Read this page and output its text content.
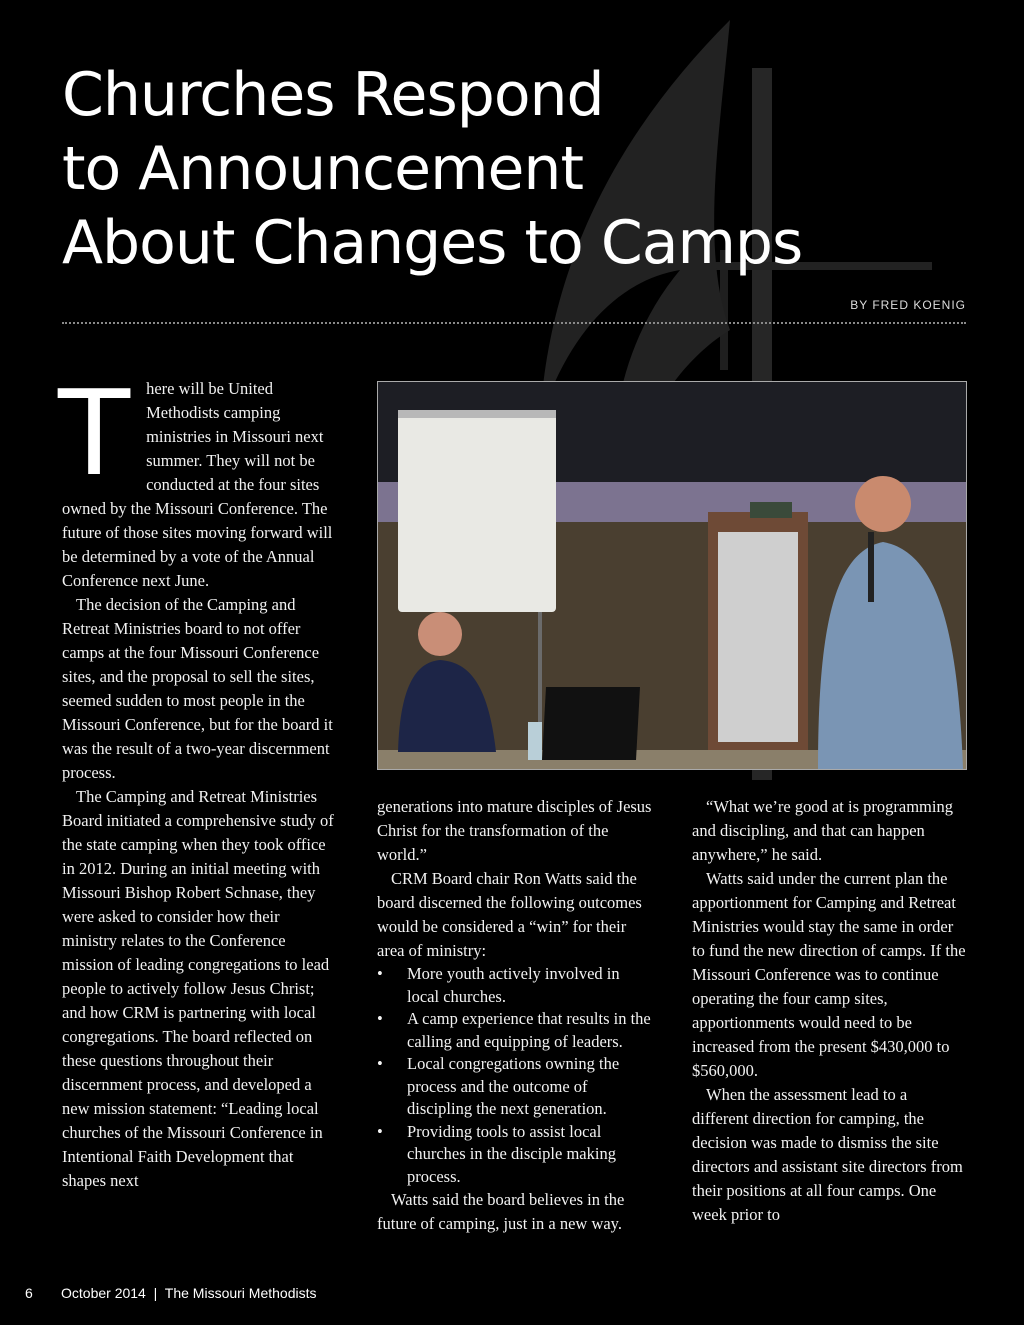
Churches Respond
to Announcement
About Changes to Camps
BY FRED KOENIG
T here will be United Methodists camping ministries in Missouri next summer. They will not be conducted at the four sites owned by the Missouri Conference. The future of those sites moving forward will be determined by a vote of the Annual Conference next June.

The decision of the Camping and Retreat Ministries board to not offer camps at the four Missouri Conference sites, and the proposal to sell the sites, seemed sudden to most people in the Missouri Conference, but for the board it was the result of a two-year discernment process.

The Camping and Retreat Ministries Board initiated a comprehensive study of the state camping when they took office in 2012. During an initial meeting with Missouri Bishop Robert Schnase, they were asked to consider how their ministry relates to the Conference mission of leading congregations to lead people to actively follow Jesus Christ; and how CRM is partnering with local congregations. The board reflected on these questions throughout their discernment process, and developed a new mission statement: “Leading local churches of the Missouri Conference in Intentional Faith Development that shapes next

generations into mature disciples of Jesus Christ for the transformation of the world.”

CRM Board chair Ron Watts said the board discerned the following outcomes would be considered a “win” for their area of ministry:

• More youth actively involved in local churches.
• A camp experience that results in the calling and equipping of leaders.
• Local congregations owning the process and the outcome of discipling the next generation.
• Providing tools to assist local churches in the disciple making process.

Watts said the board believes in the future of camping, just in a new way.

“What we’re good at is programming and discipling, and that can happen anywhere,” he said.

Watts said under the current plan the apportionment for Camping and Retreat Ministries would stay the same in order to fund the new direction of camps. If the Missouri Conference was to continue operating the four camp sites, apportionments would need to be increased from the present $430,000 to $560,000.

When the assessment lead to a different direction for camping, the decision was made to dismiss the site directors and assistant site directors from their positions at all four camps. One week prior to

6 October 2014  |  The Missouri Methodists
